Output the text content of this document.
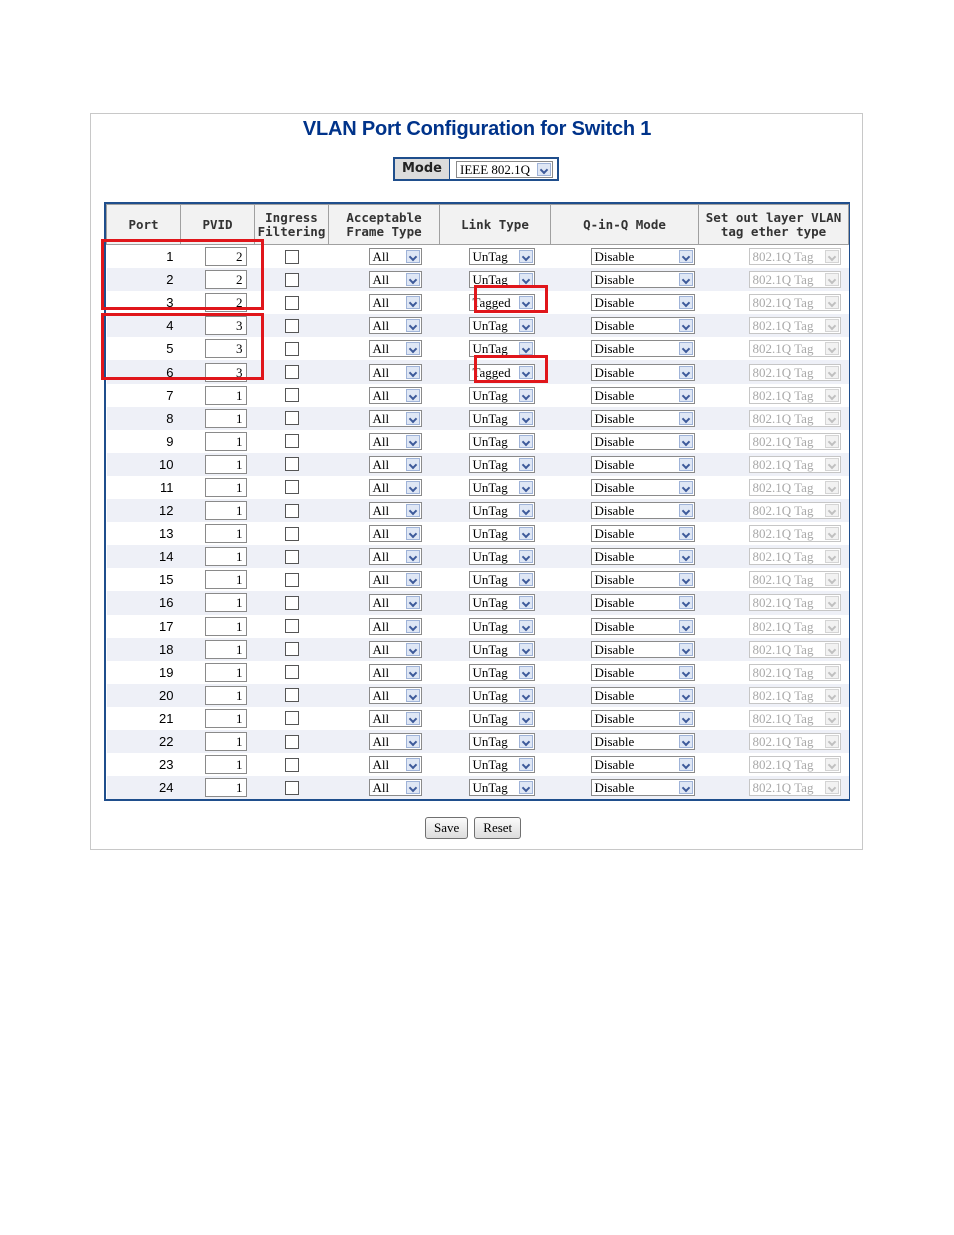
VLAN Port Configuration for Switch 1
Mode	IEEE 802.1Q
Port	PVID	Ingress Filtering	Acceptable Frame Type	Link Type	Q-in-Q Mode	Set out layer VLAN tag ether type
1	2		All	UnTag	Disable	802.1Q Tag

2	2		All	UnTag	Disable	802.1Q Tag

3	2		All	Tagged	Disable	802.1Q Tag

4	3		All	UnTag	Disable	802.1Q Tag

5	3		All	UnTag	Disable	802.1Q Tag

6	3		All	Tagged	Disable	802.1Q Tag

7	1		All	UnTag	Disable	802.1Q Tag

8	1		All	UnTag	Disable	802.1Q Tag

9	1		All	UnTag	Disable	802.1Q Tag

10	1		All	UnTag	Disable	802.1Q Tag

11	1		All	UnTag	Disable	802.1Q Tag

12	1		All	UnTag	Disable	802.1Q Tag

13	1		All	UnTag	Disable	802.1Q Tag

14	1		All	UnTag	Disable	802.1Q Tag

15	1		All	UnTag	Disable	802.1Q Tag

16	1		All	UnTag	Disable	802.1Q Tag

17	1		All	UnTag	Disable	802.1Q Tag

18	1		All	UnTag	Disable	802.1Q Tag

19	1		All	UnTag	Disable	802.1Q Tag

20	1		All	UnTag	Disable	802.1Q Tag

21	1		All	UnTag	Disable	802.1Q Tag

22	1		All	UnTag	Disable	802.1Q Tag

23	1		All	UnTag	Disable	802.1Q Tag

24	1		All	UnTag	Disable	802.1Q Tag
Save	Reset
